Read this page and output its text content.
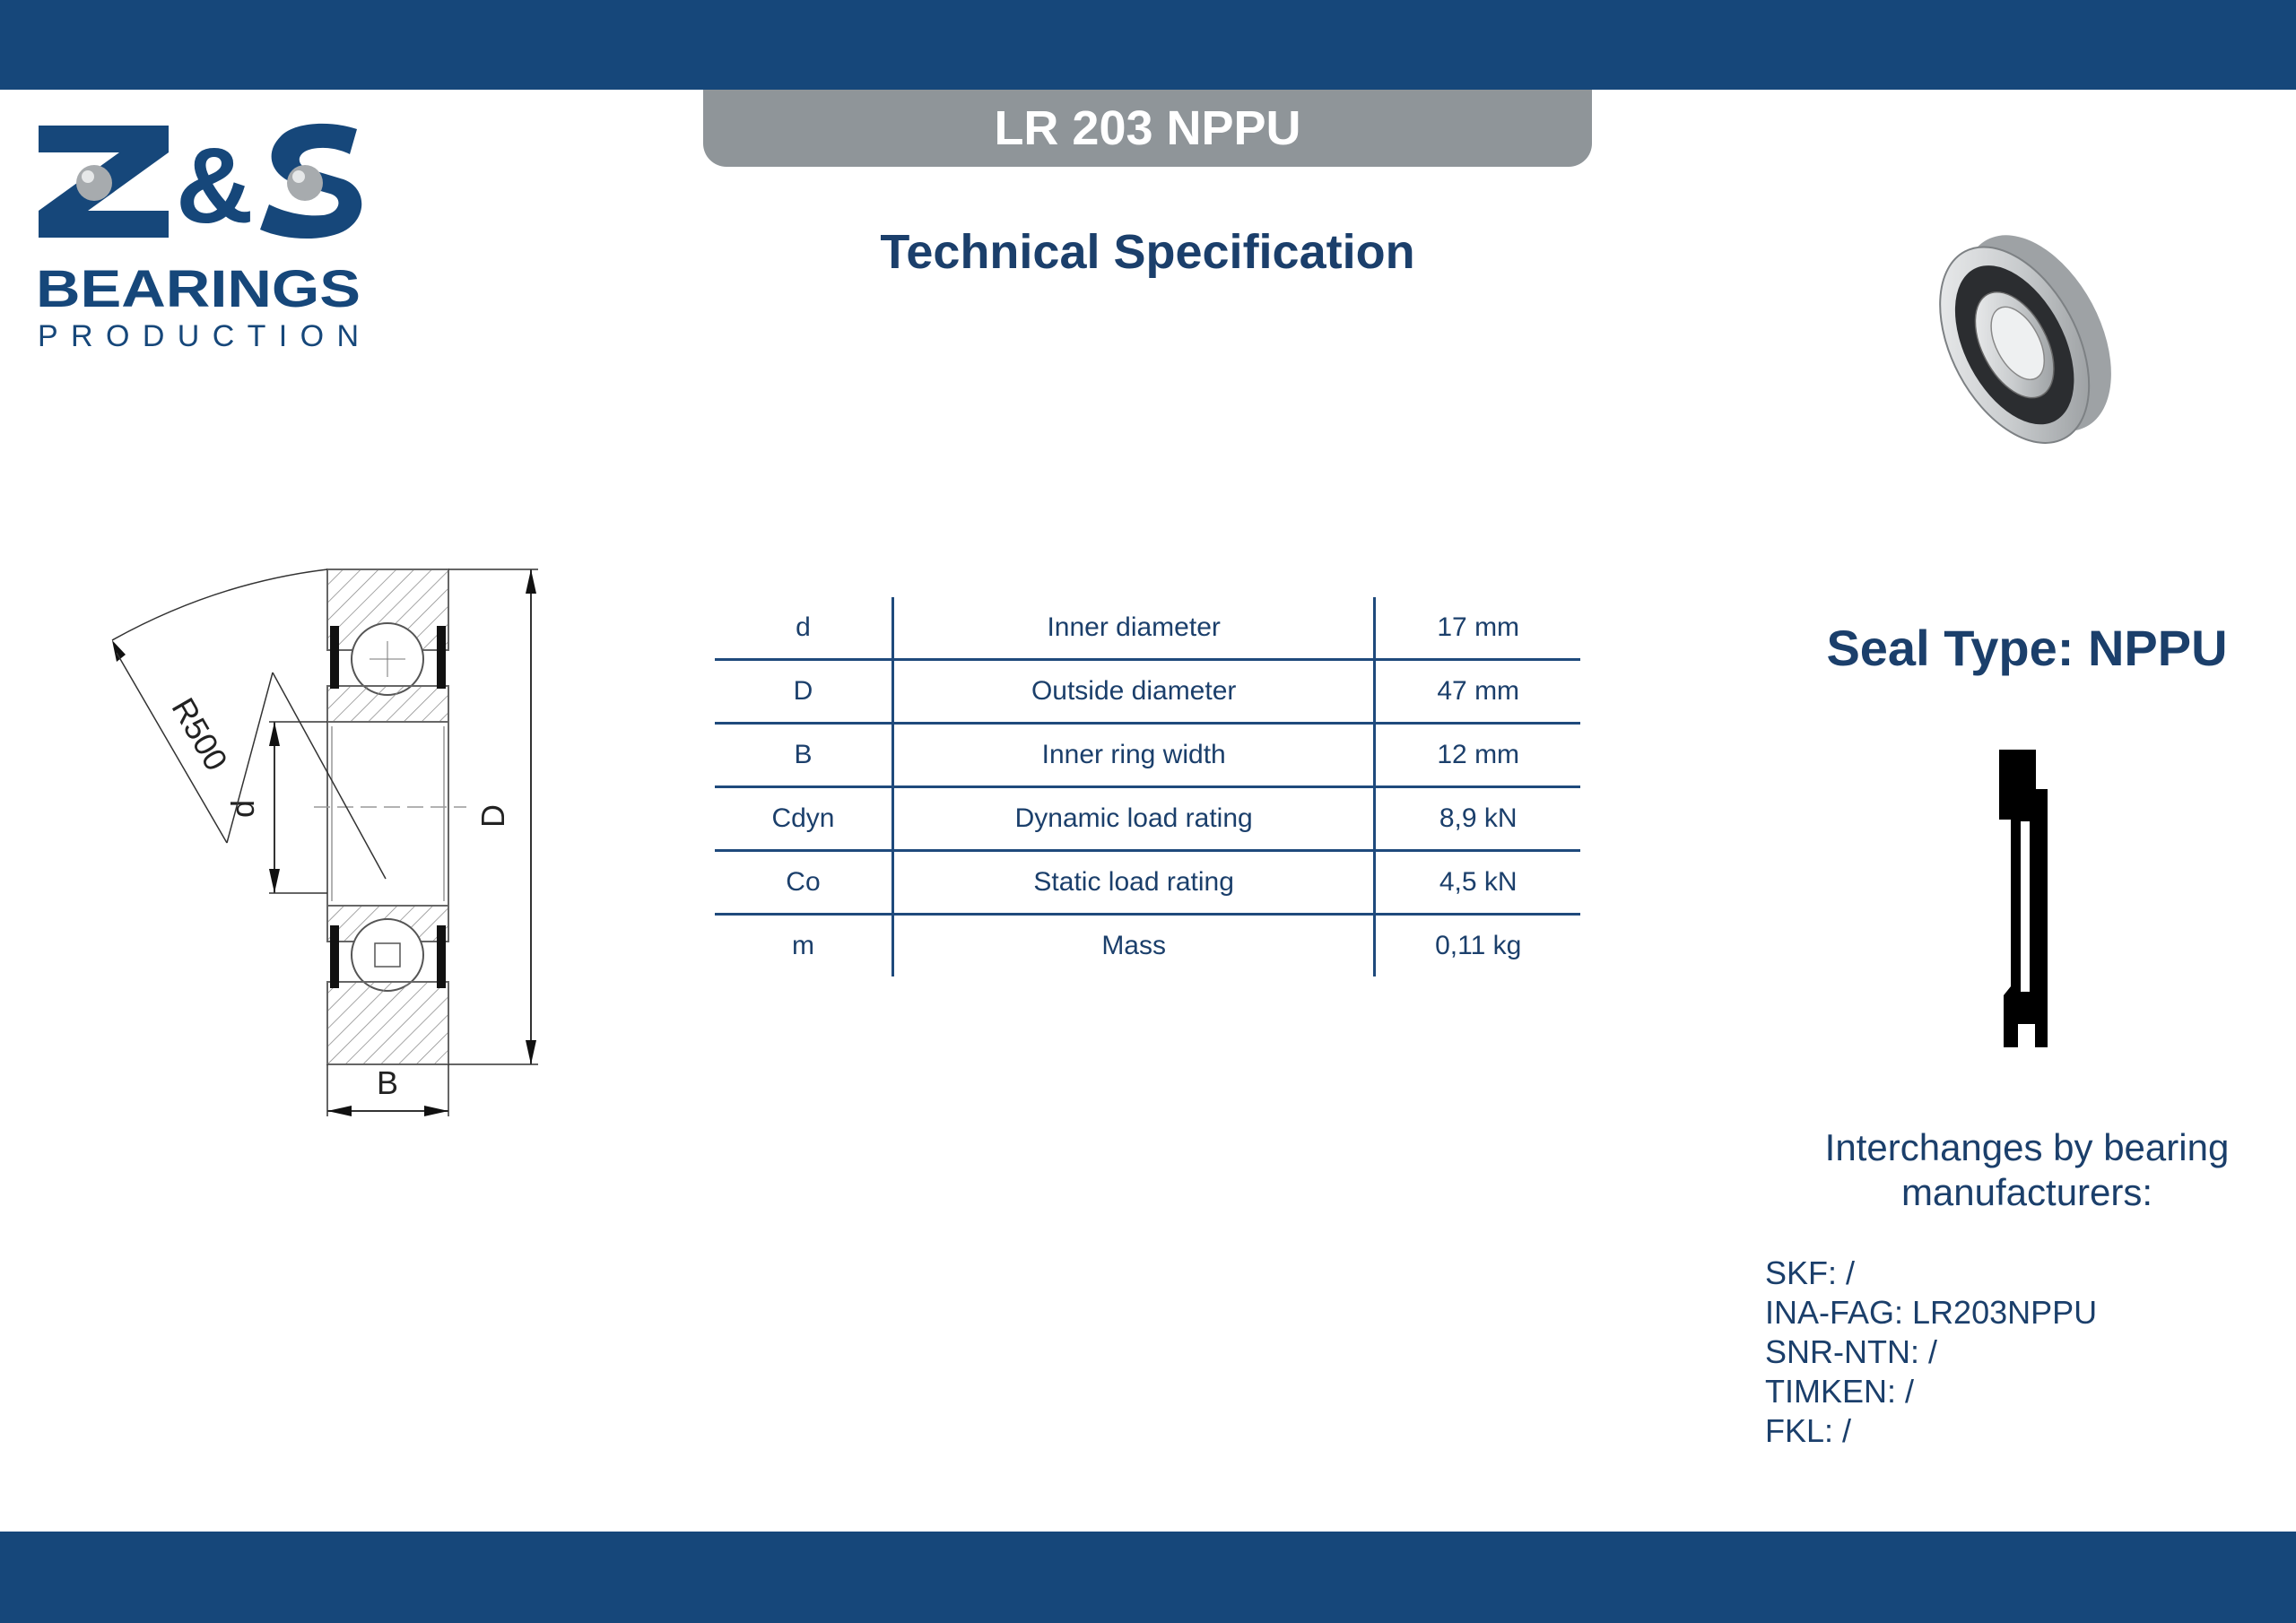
&
BEARINGS
PRODUCTION
LR 203 NPPU
Technical Specification
D
d
B
R500
d	Inner diameter	17 mm
D	Outside diameter	47 mm
B	Inner ring width	12 mm
Cdyn	Dynamic load rating	8,9 kN
Co	Static load rating	4,5 kN
m	Mass	0,11 kg
Seal Type: NPPU
Interchanges by bearing
manufacturers:
SKF: /
INA-FAG: LR203NPPU
SNR-NTN: /
TIMKEN: /
FKL: /
